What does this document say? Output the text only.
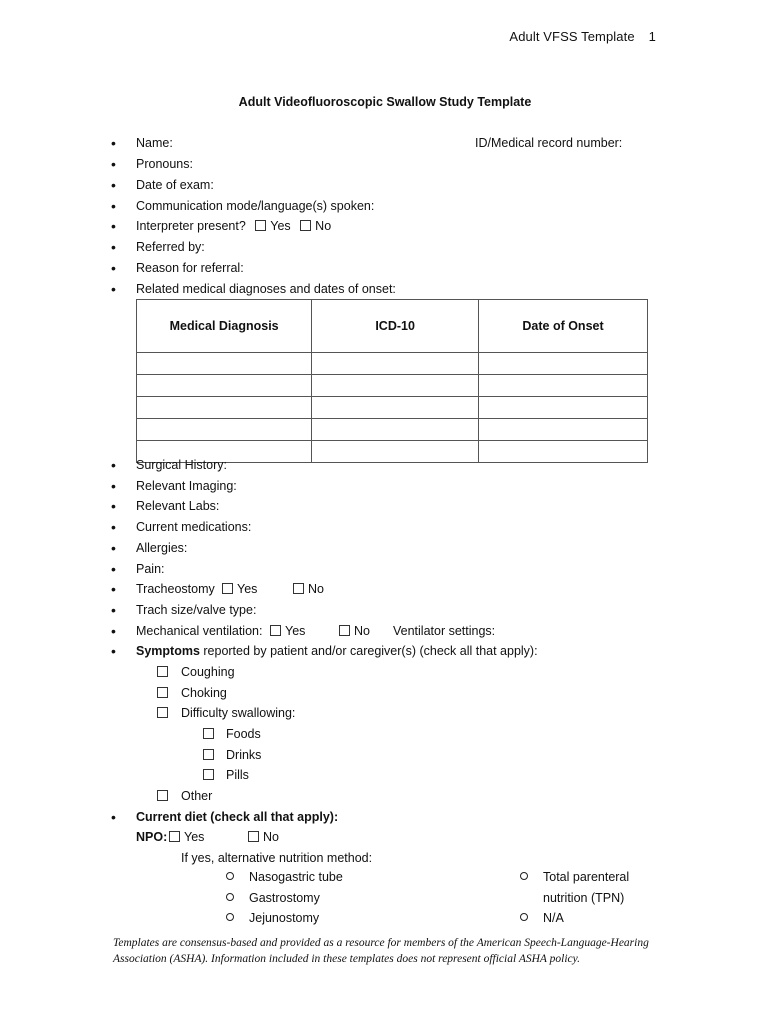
Adult VFSS Template 1
Adult Videofluoroscopic Swallow Study Template
• Name:	ID/Medical record number:
• Pronouns:
• Date of exam:
• Communication mode/language(s) spoken:
• Interpreter present? Yes No
• Referred by:
• Reason for referral:
• Related medical diagnoses and dates of onset:
Medical Diagnosis	ICD-10	Date of Onset

• Surgical History:
• Relevant Imaging:
• Relevant Labs:
• Current medications:
• Allergies:
• Pain:
• Tracheostomy	Yes	No
• Trach size/valve type:
• Mechanical ventilation:	Yes	No Ventilator settings:
• Symptoms reported by patient and/or caregiver(s) (check all that apply):
Coughing
Choking
Difficulty swallowing:
Foods
Drinks
Pills
Other
• Current diet (check all that apply):
NPO:	Yes	No
If yes, alternative nutrition method:
Nasogastric tube	Total parenteral
Gastrostomy	nutrition (TPN)
Jejunostomy	N/A
Templates are consensus-based and provided as a resource for members of the American Speech-Language-Hearing Association (ASHA). Information included in these templates does not represent official ASHA policy.
